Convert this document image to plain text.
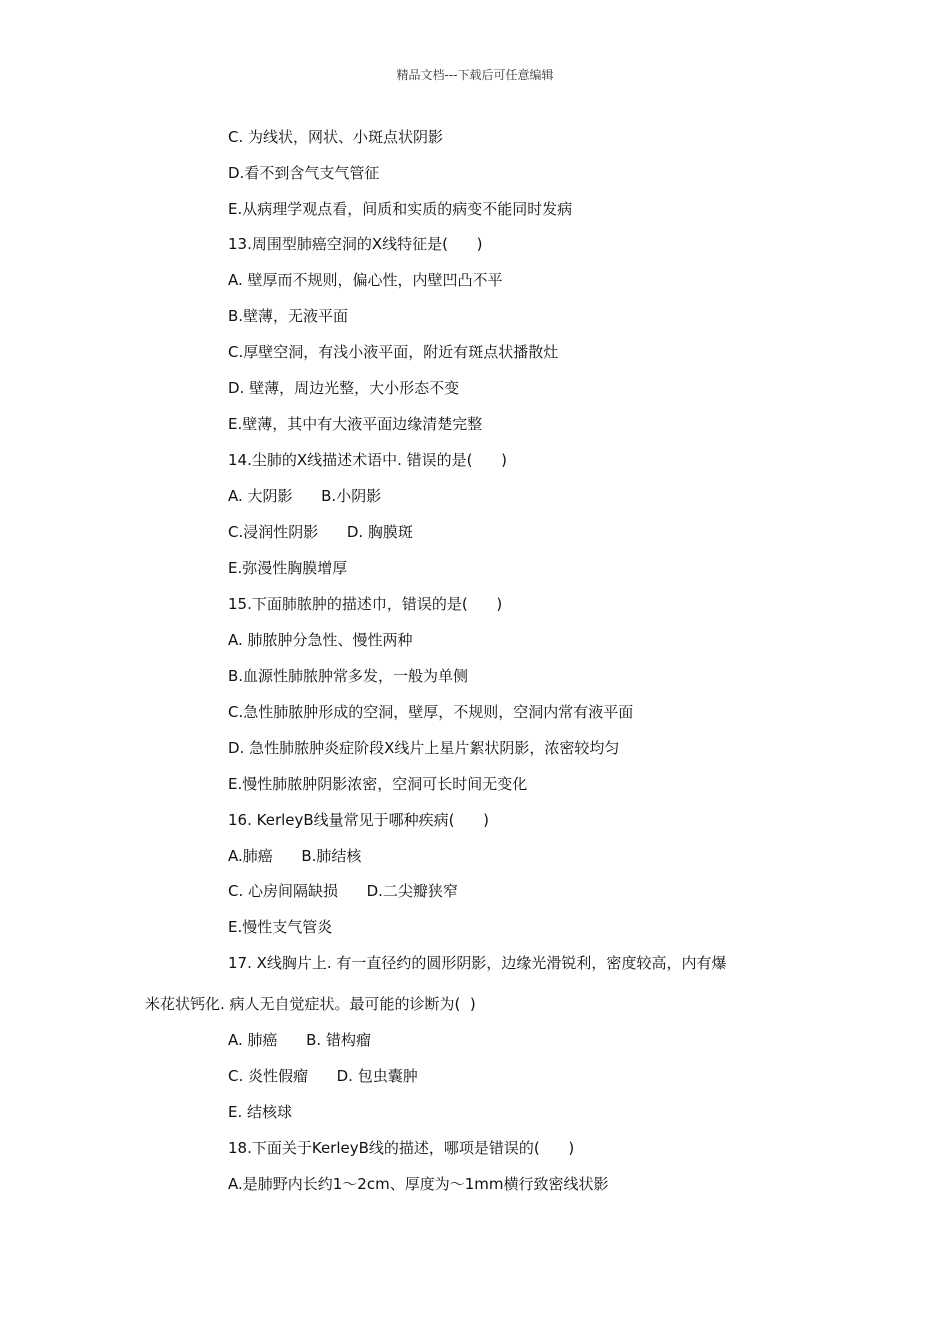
精品文档---下载后可任意编辑
C. 为线状，网状、小斑点状阴影
D.看不到含气支气管征
E.从病理学观点看，间质和实质的病变不能同时发病
13.周围型肺癌空洞的X线特征是(      )
A. 壁厚而不规则，偏心性，内壁凹凸不平
B.壁薄，无液平面
C.厚壁空洞，有浅小液平面，附近有斑点状播散灶
D. 壁薄，周边光整，大小形态不变
E.壁薄，其中有大液平面边缘清楚完整
14.尘肺的X线描述术语中. 错误的是(      )
A. 大阴影      B.小阴影
C.浸润性阴影      D. 胸膜斑
E.弥漫性胸膜增厚
15.下面肺脓肿的描述巾，错误的是(      )
A. 肺脓肿分急性、慢性两种
B.血源性肺脓肿常多发，一般为单侧
C.急性肺脓肿形成的空洞，壁厚，不规则，空洞内常有液平面
D. 急性肺脓肿炎症阶段X线片上星片絮状阴影，浓密较均匀
E.慢性肺脓肿阴影浓密，空洞可长时间无变化
16. KerleyB线量常见于哪种疾病(      )
A.肺癌      B.肺结核
C. 心房间隔缺损      D.二尖瓣狭窄
E.慢性支气管炎
17. X线胸片上. 有一直径约的圆形阴影，边缘光滑锐利，密度较高，内有爆
米花状钙化. 病人无自觉症状。最可能的诊断为(  )
A. 肺癌      B. 错构瘤
C. 炎性假瘤      D. 包虫囊肿
E. 结核球
18.下面关于KerleyB线的描述，哪项是错误的(      )
A.是肺野内长约1～2cm、厚度为～1mm横行致密线状影
